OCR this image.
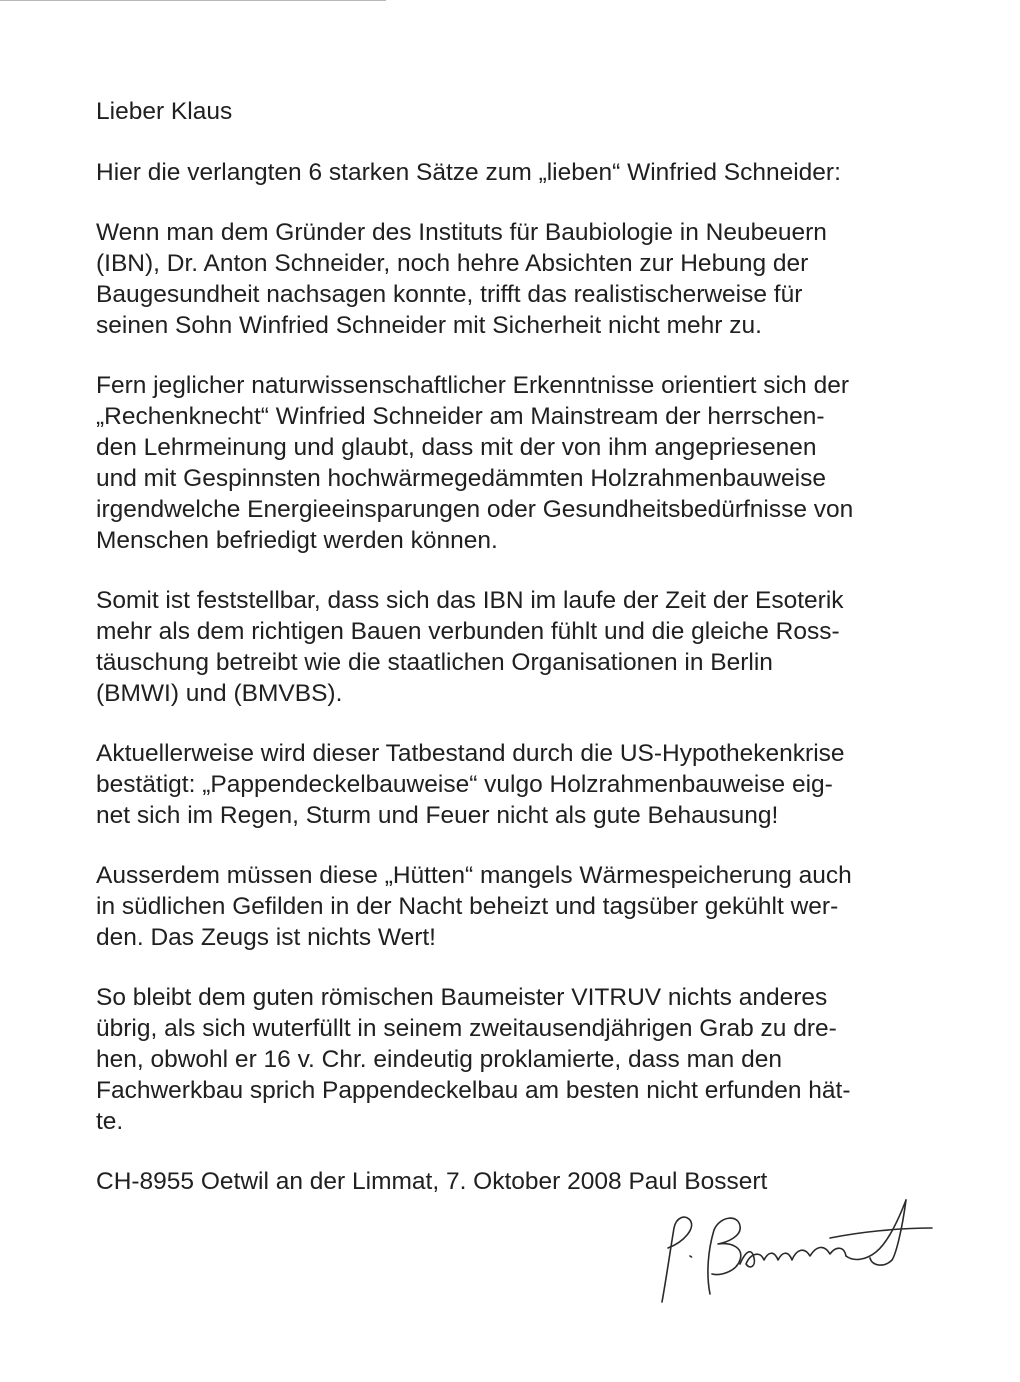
Lieber Klaus

Hier die verlangten 6 starken Sätze zum „lieben“ Winfried Schneider:
Wenn man dem Gründer des Instituts für Baubiologie in Neubeuern
(IBN), Dr. Anton Schneider, noch hehre Absichten zur Hebung der
Baugesundheit nachsagen konnte, trifft das realistischerweise für
seinen Sohn Winfried Schneider mit Sicherheit nicht mehr zu.
Fern jeglicher naturwissenschaftlicher Erkenntnisse orientiert sich der
„Rechenknecht“ Winfried Schneider am Mainstream der herrschen-
den Lehrmeinung und glaubt, dass mit der von ihm angepriesenen
und mit Gespinnsten hochwärmegedämmten Holzrahmenbauweise
irgendwelche Energieeinsparungen oder Gesundheitsbedürfnisse von
Menschen befriedigt werden können.
Somit ist feststellbar, dass sich das IBN im laufe der Zeit der Esoterik
mehr als dem richtigen Bauen verbunden fühlt und die gleiche Ross-
täuschung betreibt wie die staatlichen Organisationen in Berlin
(BMWI) und (BMVBS).
Aktuellerweise wird dieser Tatbestand durch die US-Hypothekenkrise
bestätigt: „Pappendeckelbauweise“ vulgo Holzrahmenbauweise eig-
net sich im Regen, Sturm und Feuer nicht als gute Behausung!
Ausserdem müssen diese „Hütten“ mangels Wärmespeicherung auch
in südlichen Gefilden in der Nacht beheizt und tagsüber gekühlt wer-
den. Das Zeugs ist nichts Wert!
So bleibt dem guten römischen Baumeister VITRUV nichts anderes
übrig, als sich wuterfüllt in seinem zweitausendjährigen Grab zu dre-
hen, obwohl er 16 v. Chr. eindeutig proklamierte, dass man den
Fachwerkbau sprich Pappendeckelbau am besten nicht erfunden hät-
te.

CH-8955 Oetwil an der Limmat, 7. Oktober 2008 Paul Bossert
